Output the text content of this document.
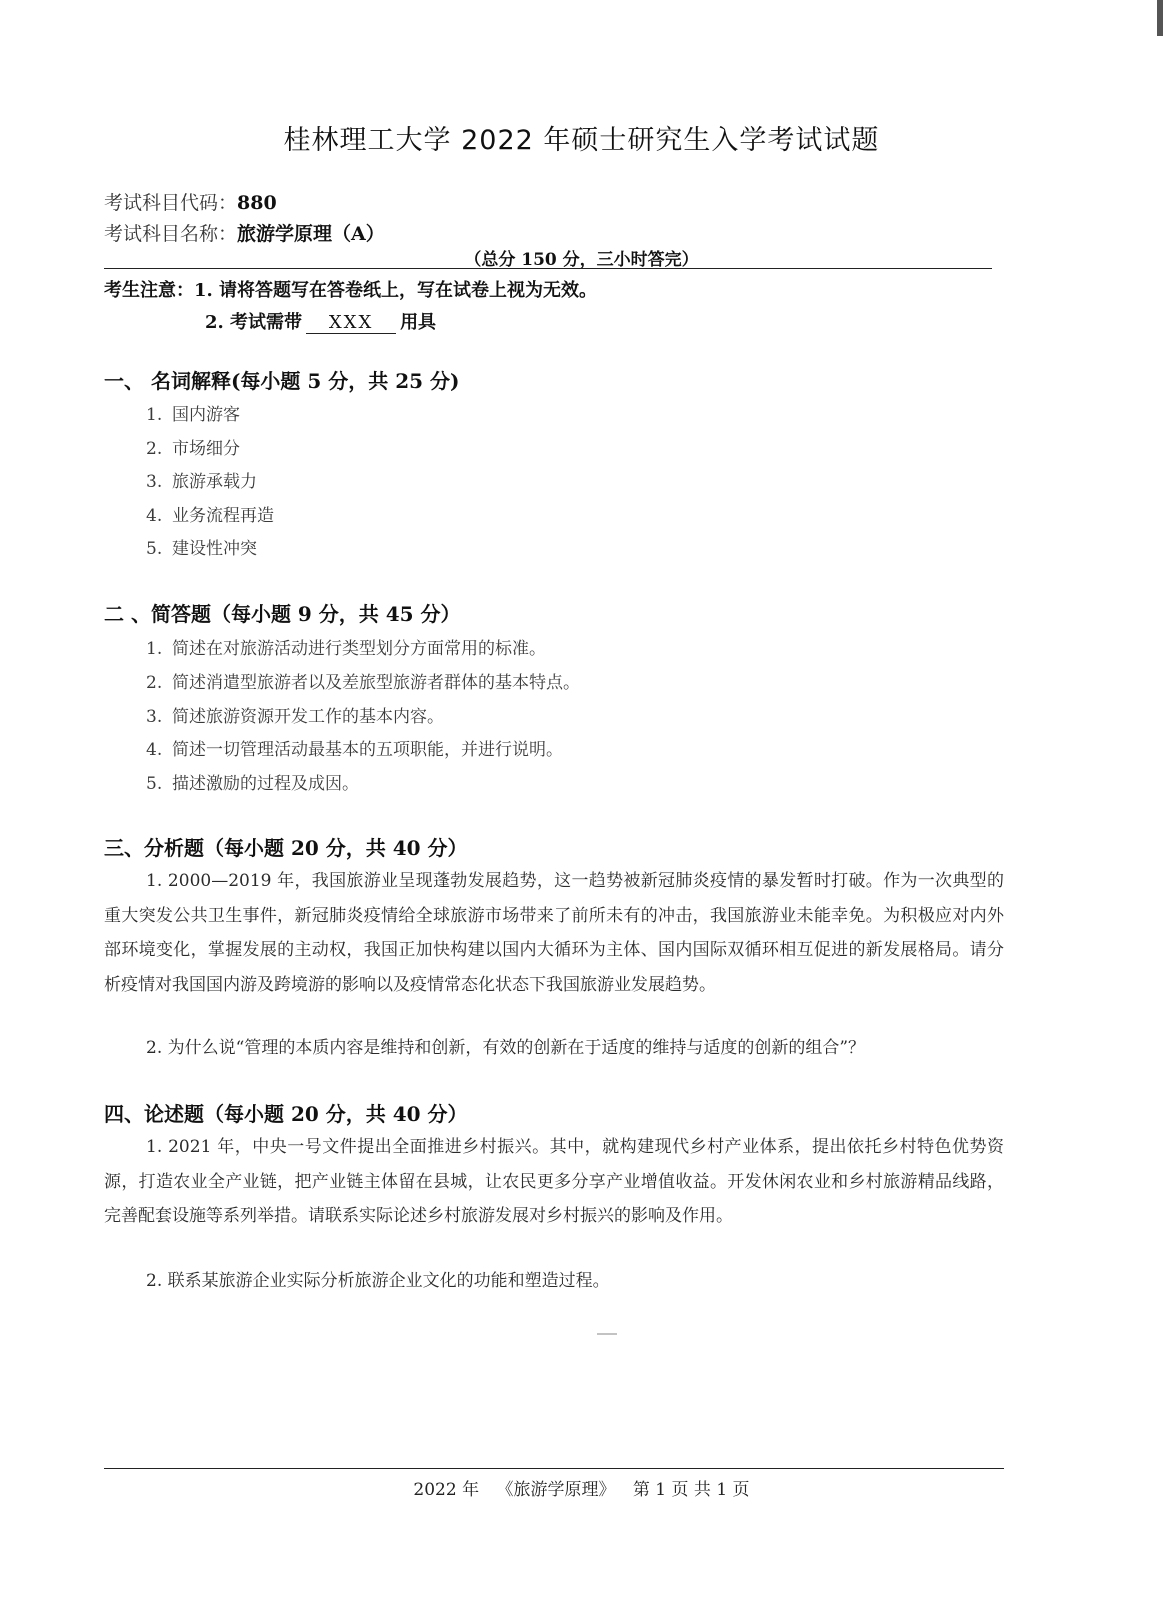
桂林理工大学 2022 年硕士研究生入学考试试题
考试科目代码：880
考试科目名称：旅游学原理（A）
（总分 150 分，三小时答完）
考生注意：1. 请将答题写在答卷纸上，写在试卷上视为无效。
2. 考试需带 XXX 用具
一、 名词解释(每小题 5 分，共 25 分)
1. 国内游客
2. 市场细分
3. 旅游承载力
4. 业务流程再造
5. 建设性冲突
二 、简答题（每小题 9 分，共 45 分）
1. 简述在对旅游活动进行类型划分方面常用的标准。
2. 简述消遣型旅游者以及差旅型旅游者群体的基本特点。
3. 简述旅游资源开发工作的基本内容。
4. 简述一切管理活动最基本的五项职能，并进行说明。
5. 描述激励的过程及成因。
三、分析题（每小题 20 分，共 40 分）

1. 2000—2019 年，我国旅游业呈现蓬勃发展趋势，这一趋势被新冠肺炎疫情的暴发暂时打破。作为一次典型的重大突发公共卫生事件，新冠肺炎疫情给全球旅游市场带来了前所未有的冲击，我国旅游业未能幸免。为积极应对内外部环境变化，掌握发展的主动权，我国正加快构建以国内大循环为主体、国内国际双循环相互促进的新发展格局。请分析疫情对我国国内游及跨境游的影响以及疫情常态化状态下我国旅游业发展趋势。

2. 为什么说“管理的本质内容是维持和创新，有效的创新在于适度的维持与适度的创新的组合”？

四、论述题（每小题 20 分，共 40 分）

1. 2021 年，中央一号文件提出全面推进乡村振兴。其中，就构建现代乡村产业体系，提出依托乡村特色优势资源，打造农业全产业链，把产业链主体留在县城，让农民更多分享产业增值收益。开发休闲农业和乡村旅游精品线路，完善配套设施等系列举措。请联系实际论述乡村旅游发展对乡村振兴的影响及作用。

2. 联系某旅游企业实际分析旅游企业文化的功能和塑造过程。

2022 年 《旅游学原理》 第 1 页 共 1 页
